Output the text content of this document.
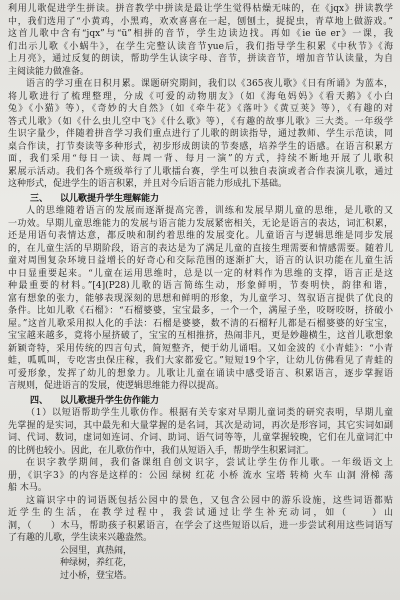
利用儿歌促进学生拼读。拼音教学中拼读是最让学生觉得枯燥无味的，在《jqx》拼读教学
中，我们选用了“小黄鸡，小黑鸡，欢欢喜喜在一起，刨刨土，捉捉虫，青草地上做游戏。”
这首儿歌中含有“jqx”与“ü”相拼的音节，学生边读边找。再如《ie üe er》一课，我
们出示儿歌《小蜗牛》，在学生完整认读音节yue后，我们指导学生积累《中秋节》《海
上月亮》，通过反复的朗读，帮助学生认读字母、音节，拼读音节，增加音节认读量，为自
主阅读能力做准备。
语言的学习重在日积月累。课题研究期间，我们以《365夜儿歌》《日有所诵》为蓝本，
将儿歌进行了梳理整理，分成《可爱的动物朋友》（如《海龟妈妈》《看天鹅》《小白
兔》《小猫》等），《奇妙的大自然》（如《牵牛花》《落叶》《黄豆荚》等），《有趣的对
答式儿歌》（如《什么虫儿空中飞》《什么歌》等），《有趣的故事儿歌》三大类。一年级学
生识字量少，伴随着拼音学习我们重点进行了儿歌的朗读指导，通过教师、学生示范读，同
桌合作读，打节奏读等多种形式，初步形成朗读的节奏感，培养学生的语感。在语言积累方
面，我们采用“每日一读、每周一背、每月一演”的方式，持续不断地开展了儿歌积
累展示活动。我们各个班级举行了儿歌擂台赛，学生可以独自表演或者合作表演儿歌，通过
这种形式，促进学生的语言积累，并且对今后语言能力形成扎下基础。
三、 以儿歌提升学生理解能力
人的思维随着语言的发展而逐渐提高完善，训练和发展早期儿童的思维，是儿歌的又
一功效。早期儿童思维能力的发展与语言能力发展紧密相关，无论是语言的表达，词汇积累，
还是用语句表情达意，都反映和制约着思维的发展变化。儿童语言与逻辑思维是同步发展
的，在儿童生活的早期阶段，语言的表达是为了满足儿童的直接生理需要和情感需要。随着儿
童对周围复杂环境日益增长的好奇心和交际范围的逐渐扩大，语言的认识功能在儿童生活
中日显重要起来。“儿童在运用思维时，总是以一定的材料作为思维的支撑，语言正是这
种最重要的材料。”[4](P28)儿歌的语言简练生动，形象鲜明，节奏明快，韵律和谐，
富有想象的张力，能够表现深刻的思想和鲜明的形象，为儿童学习、驾驭语言提供了优良的
条件。比如儿歌《石榴》：“石榴婆婆，宝宝最多，一个一个，满屋子坐，咬呀咬呀，挤破小
屋。”这首儿歌采用拟人化的手法：石榴是婆婆，数不清的石榴籽儿都是石榴婆婆的好宝宝，
宝宝越来越多，竟将小屋挤破了，宝宝的互相推挤，热闹非凡，更是妙趣横生，这首儿歌想象
新颖奇特，采用传统的四言句式，简短整齐，便于幼儿诵唱。又如金波的《小青蛙》：“小青
蛙，呱呱叫，专吃害虫保庄稼，我们大家都爱它。”短短19个字，让幼儿仿佛看见了青蛙的
可爱形象，发挥了幼儿的想象力。儿歌让儿童在诵读中感受语言、积累语言，逐步掌握语
言规则，促进语言的发展，使逻辑思维能力得以提高。
四、 以儿歌提升学生仿作能力
（1）以短语帮助学生儿歌仿作。根据有关专家对早期儿童词类的研究表明，早期儿童
先掌握的是实词，其中最先和大量掌握的是名词，其次是动词，再次是形容词，其它实词如副
词、代词、数词，虚词如连词、介词、助词、语气词等等，儿童掌握较晚，它们在儿童词汇中
的比例也较小。因此，在儿歌仿作中，我们从短语入手，帮助学生积累词汇。
在识字教学期间，我们备课组自创文识字，尝试让学生仿作儿歌。一年级语文上
册，《识字3》的内容是这样的：公园 绿树 红花 小桥 流水 宝塔 转椅 火车 山洞 滑梯 荡
船 木马。
这篇识字中的词语既包括公园中的景色，又包含公园中的游乐设施，这些词语都贴
近学生的生活，在教学过程中，我尝试通过让学生补充动词，如（　　）山
洞，（　　）木马，帮助孩子积累语言，在学会了这些短语以后，进一步尝试利用这些词语写
了有趣的儿歌，学生读来兴趣盎然。
公园里，真热闹，
种绿树，养红花，
过小桥，登宝塔。
